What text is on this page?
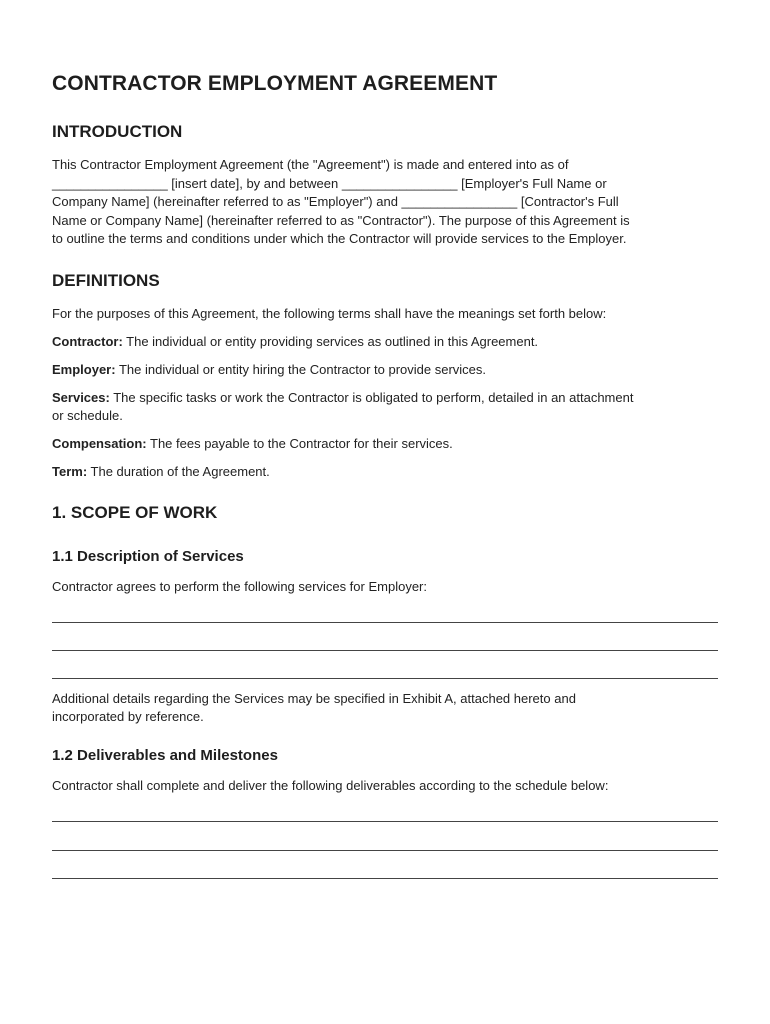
CONTRACTOR EMPLOYMENT AGREEMENT
INTRODUCTION

This Contractor Employment Agreement (the "Agreement") is made and entered into as of

________________ [insert date], by and between ________________ [Employer's Full Name or

Company Name] (hereinafter referred to as "Employer") and ________________ [Contractor's Full

Name or Company Name] (hereinafter referred to as "Contractor"). The purpose of this Agreement is

to outline the terms and conditions under which the Contractor will provide services to the Employer.

DEFINITIONS

For the purposes of this Agreement, the following terms shall have the meanings set forth below:

Contractor: The individual or entity providing services as outlined in this Agreement.

Employer: The individual or entity hiring the Contractor to provide services.

Services: The specific tasks or work the Contractor is obligated to perform, detailed in an attachment

or schedule.

Compensation: The fees payable to the Contractor for their services.

Term: The duration of the Agreement.

1. SCOPE OF WORK
1.1 Description of Services

Contractor agrees to perform the following services for Employer:

Additional details regarding the Services may be specified in Exhibit A, attached hereto and

incorporated by reference.

1.2 Deliverables and Milestones

Contractor shall complete and deliver the following deliverables according to the schedule below:
